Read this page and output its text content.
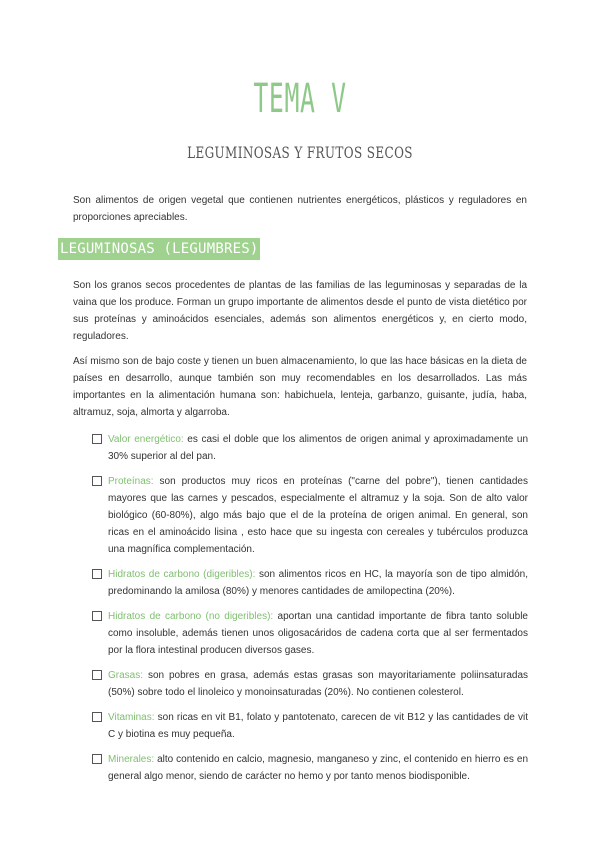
TEMA V
LEGUMINOSAS Y FRUTOS SECOS
Son alimentos de origen vegetal que contienen nutrientes energéticos, plásticos y reguladores en proporciones apreciables.
LEGUMINOSAS (LEGUMBRES)
Son los granos secos procedentes de plantas de las familias de las leguminosas y separadas de la vaina que los produce. Forman un grupo importante de alimentos desde el punto de vista dietético por sus proteínas y aminoácidos esenciales, además son alimentos energéticos y, en cierto modo, reguladores.
Así mismo son de bajo coste y tienen un buen almacenamiento, lo que las hace básicas en la dieta de países en desarrollo, aunque también son muy recomendables en los desarrollados. Las más importantes en la alimentación humana son: habichuela, lenteja, garbanzo, guisante, judía, haba, altramuz, soja, almorta y algarroba.
Valor energético: es casi el doble que los alimentos de origen animal y aproximadamente un 30% superior al del pan.
Proteínas: son productos muy ricos en proteínas ("carne del pobre"), tienen cantidades mayores que las carnes y pescados, especialmente el altramuz y la soja. Son de alto valor biológico (60-80%), algo más bajo que el de la proteína de origen animal. En general, son ricas en el aminoácido lisina , esto hace que su ingesta con cereales y tubérculos produzca una magnífica complementación.
Hidratos de carbono (digeribles): son alimentos ricos en HC, la mayoría son de tipo almidón, predominando la amilosa (80%) y menores cantidades de amilopectina (20%).
Hidratos de carbono (no digeribles): aportan una cantidad importante de fibra tanto soluble como insoluble, además tienen unos oligosacáridos de cadena corta que al ser fermentados por la flora intestinal producen diversos gases.
Grasas: son pobres en grasa, además estas grasas son mayoritariamente poliinsaturadas (50%) sobre todo el linoleico y monoinsaturadas (20%). No contienen colesterol.
Vitaminas: son ricas en vit B1, folato y pantotenato, carecen de vit B12 y las cantidades de vit C y biotina es muy pequeña.
Minerales: alto contenido en calcio, magnesio, manganeso y zinc, el contenido en hierro es en general algo menor, siendo de carácter no hemo y por tanto menos biodisponible.
